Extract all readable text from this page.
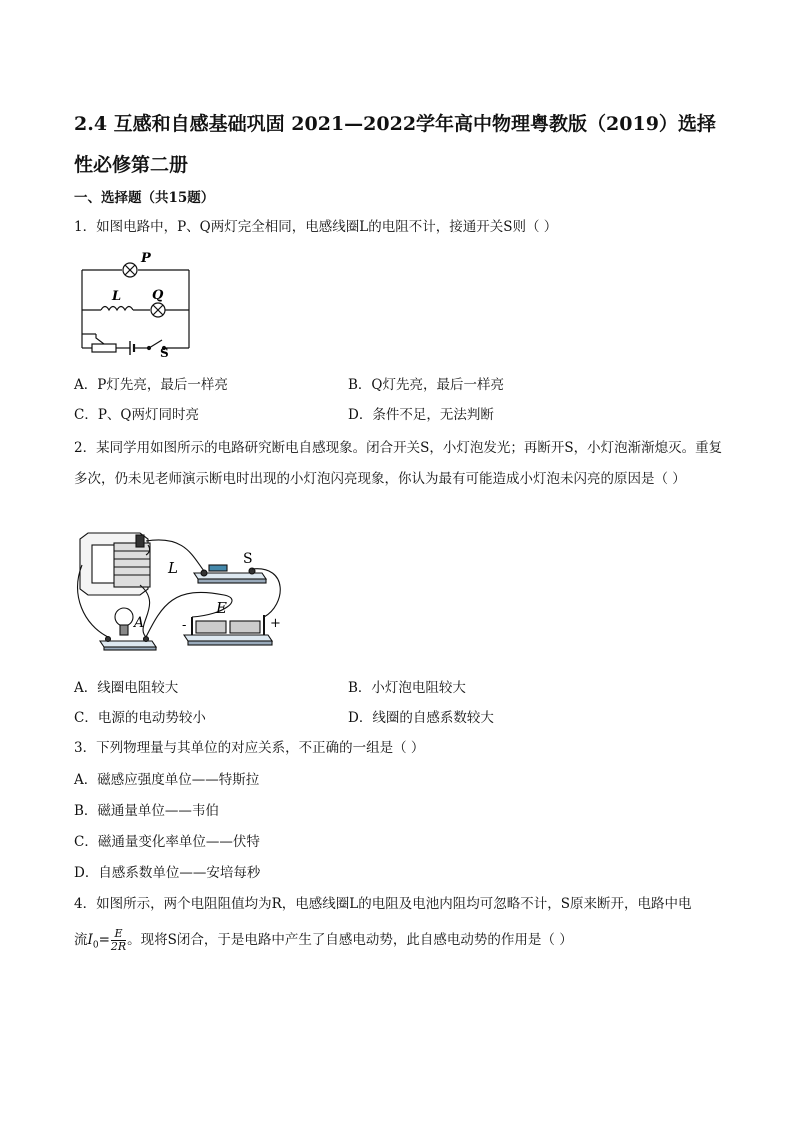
2.4 互感和自感基础巩固 2021—2022学年高中物理粤教版（2019）选择性必修第二册
一、选择题（共15题）
1．如图电路中，P、Q两灯完全相同，电感线圈L的电阻不计，接通开关S则（ ）
P
L Q
S
A．P灯先亮，最后一样亮	B．Q灯先亮，最后一样亮
C．P、Q两灯同时亮	D．条件不足，无法判断
2．某同学用如图所示的电路研究断电自感现象。闭合开关S，小灯泡发光；再断开S，小灯泡渐渐熄灭。重复多次，仍未见老师演示断电时出现的小灯泡闪亮现象，你认为最有可能造成小灯泡未闪亮的原因是（ ）
S
L
E
A	-	+
A．线圈电阻较大	B．小灯泡电阻较大
C．电源的电动势较小	D．线圈的自感系数较大
3．下列物理量与其单位的对应关系，不正确的一组是（ ）
A．磁感应强度单位——特斯拉
B．磁通量单位——韦伯
C．磁通量变化率单位——伏特
D．自感系数单位——安培每秒
4．如图所示，两个电阻阻值均为R，电感线圈L的电阻及电池内阻均可忽略不计，S原来断开，电路中电
流$I_0= \frac{E}{2R}$ 。现将S闭合，于是电路中产生了自感电动势，此自感电动势的作用是（ ）
